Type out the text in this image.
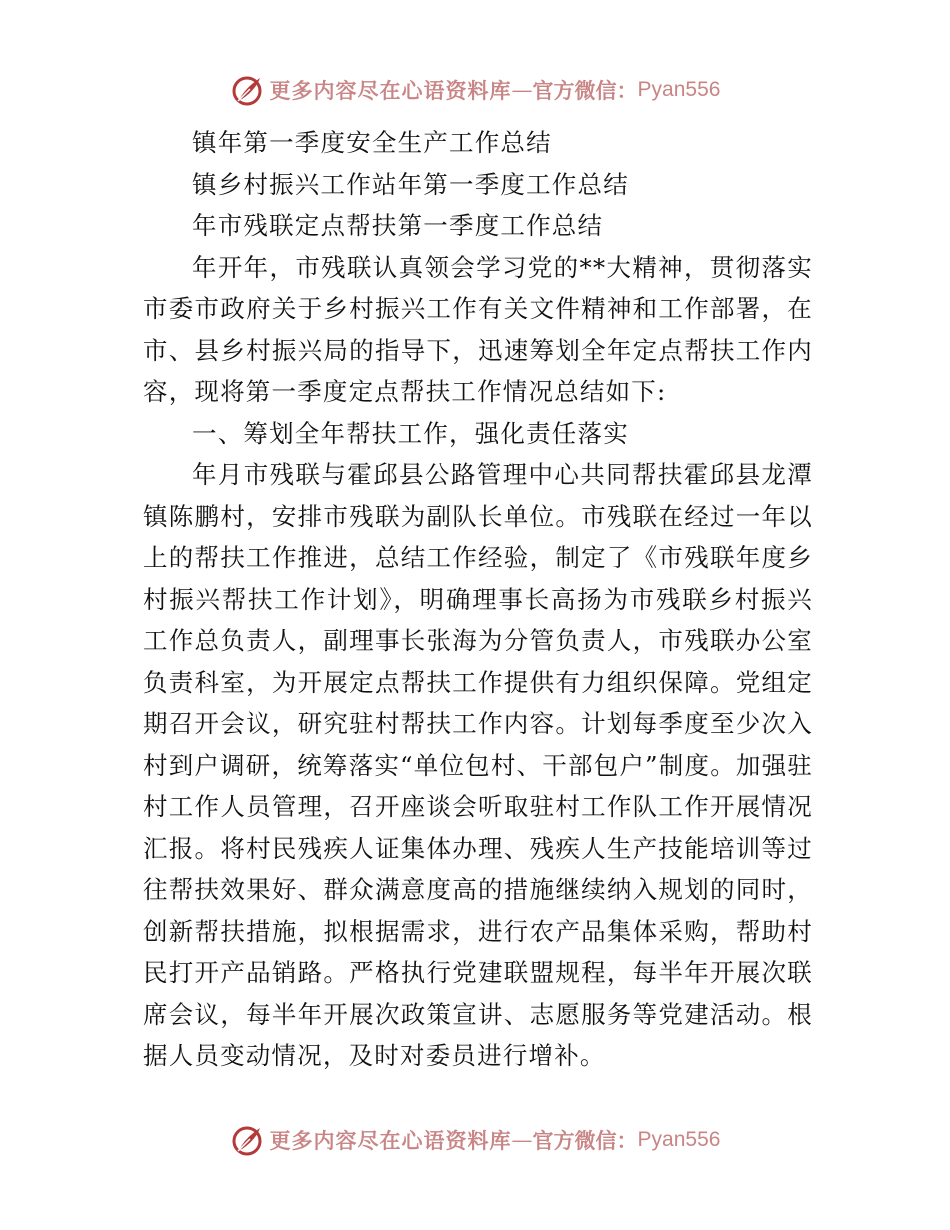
更多内容尽在心语资料库 — 官方微信： Pyan556

镇年第一季度安全生产工作总结

镇乡村振兴工作站年第一季度工作总结

年市残联定点帮扶第一季度工作总结

年开年，市残联认真领会学习党的**大精神，贯彻落实市委市政府关于乡村振兴工作有关文件精神和工作部署，在市、县乡村振兴局的指导下，迅速筹划全年定点帮扶工作内容，现将第一季度定点帮扶工作情况总结如下:

一、筹划全年帮扶工作，强化责任落实

年月市残联与霍邱县公路管理中心共同帮扶霍邱县龙潭镇陈鹏村，安排市残联为副队长单位。市残联在经过一年以上的帮扶工作推进，总结工作经验，制定了《市残联年度乡村振兴帮扶工作计划》，明确理事长高扬为市残联乡村振兴工作总负责人，副理事长张海为分管负责人，市残联办公室负责科室，为开展定点帮扶工作提供有力组织保障。党组定期召开会议，研究驻村帮扶工作内容。计划每季度至少次入村到户调研，统筹落实“单位包村、干部包户”制度。加强驻村工作人员管理，召开座谈会听取驻村工作队工作开展情况汇报。将村民残疾人证集体办理、残疾人生产技能培训等过往帮扶效果好、群众满意度高的措施继续纳入规划的同时，创新帮扶措施，拟根据需求，进行农产品集体采购，帮助村民打开产品销路。严格执行党建联盟规程，每半年开展次联席会议，每半年开展次政策宣讲、志愿服务等党建活动。根据人员变动情况，及时对委员进行增补。

更多内容尽在心语资料库 — 官方微信： Pyan556
